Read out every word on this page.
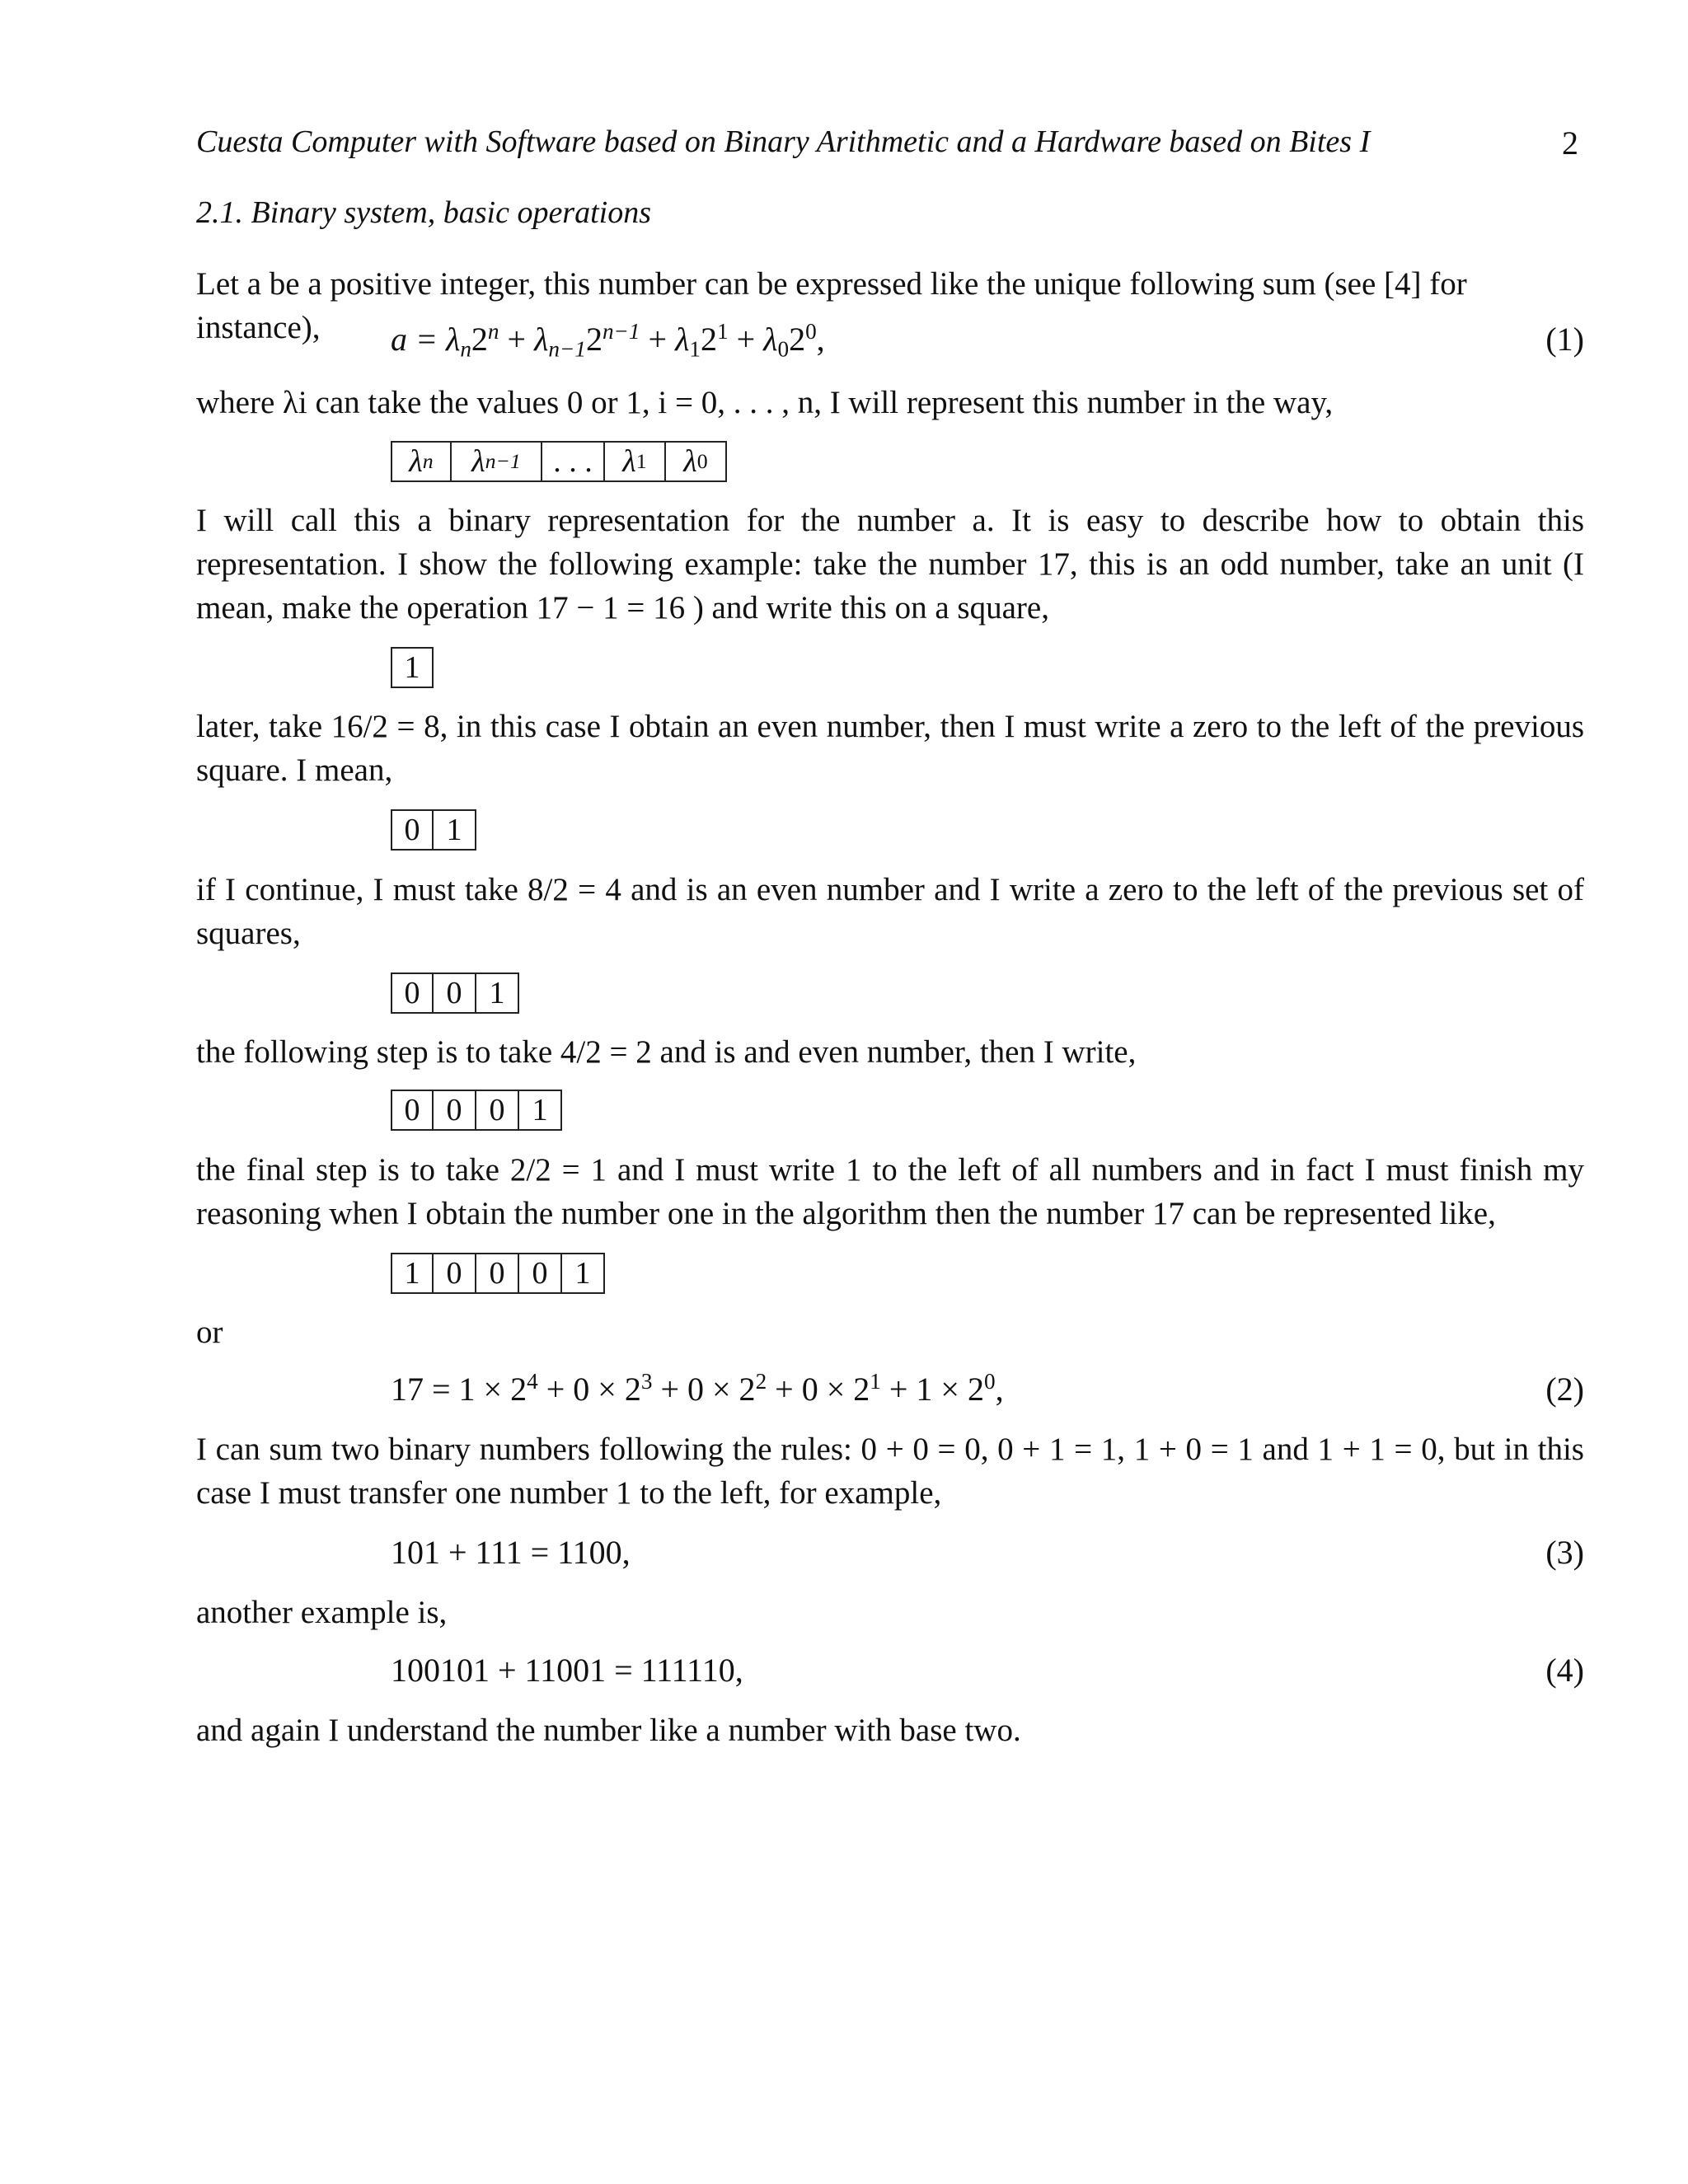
Cuesta Computer with Software based on Binary Arithmetic and a Hardware based on Bites I	2
2.1. Binary system, basic operations
Let a be a positive integer, this number can be expressed like the unique following sum (see [4] for instance),	$a = \lambda_n2^n + \lambda_{n-1}2^{n-1} + \lambda_12^1 + \lambda_02^0$,	(1)
where λi can take the values 0 or 1, i = 0, . . . , n, I will represent this number in the way,
λ n λ n−1	. . . λ 1 λ 0
I will call this a binary representation for the number a. It is easy to describe how to obtain this representation. I show the following example: take the number 17, this is an odd number, take an unit (I mean, make the operation 17 − 1 = 16 ) and write this on a square,
1
later, take 16/2 = 8, in this case I obtain an even number, then I must write a zero to the left of the previous square. I mean,
0 1
if I continue, I must take 8/2 = 4 and is an even number and I write a zero to the left of the previous set of squares,
0 0 1
the following step is to take 4/2 = 2 and is and even number, then I write,
0 0 0 1
the final step is to take 2/2 = 1 and I must write 1 to the left of all numbers and in fact I must finish my reasoning when I obtain the number one in the algorithm then the number 17 can be represented like,
1 0 0 0 1
or
$17 = 1 \times 2^4 + 0 \times 2^3 + 0 \times 2^2 + 0 \times 2^1 + 1 \times 2^0$,	(2)
I can sum two binary numbers following the rules: 0 + 0 = 0, 0 + 1 = 1, 1 + 0 = 1 and 1 + 1 = 0, but in this case I must transfer one number 1 to the left, for example,
101 + 111 = 1100,	(3)
another example is,
100101 + 11001 = 111110,	(4)
and again I understand the number like a number with base two.
